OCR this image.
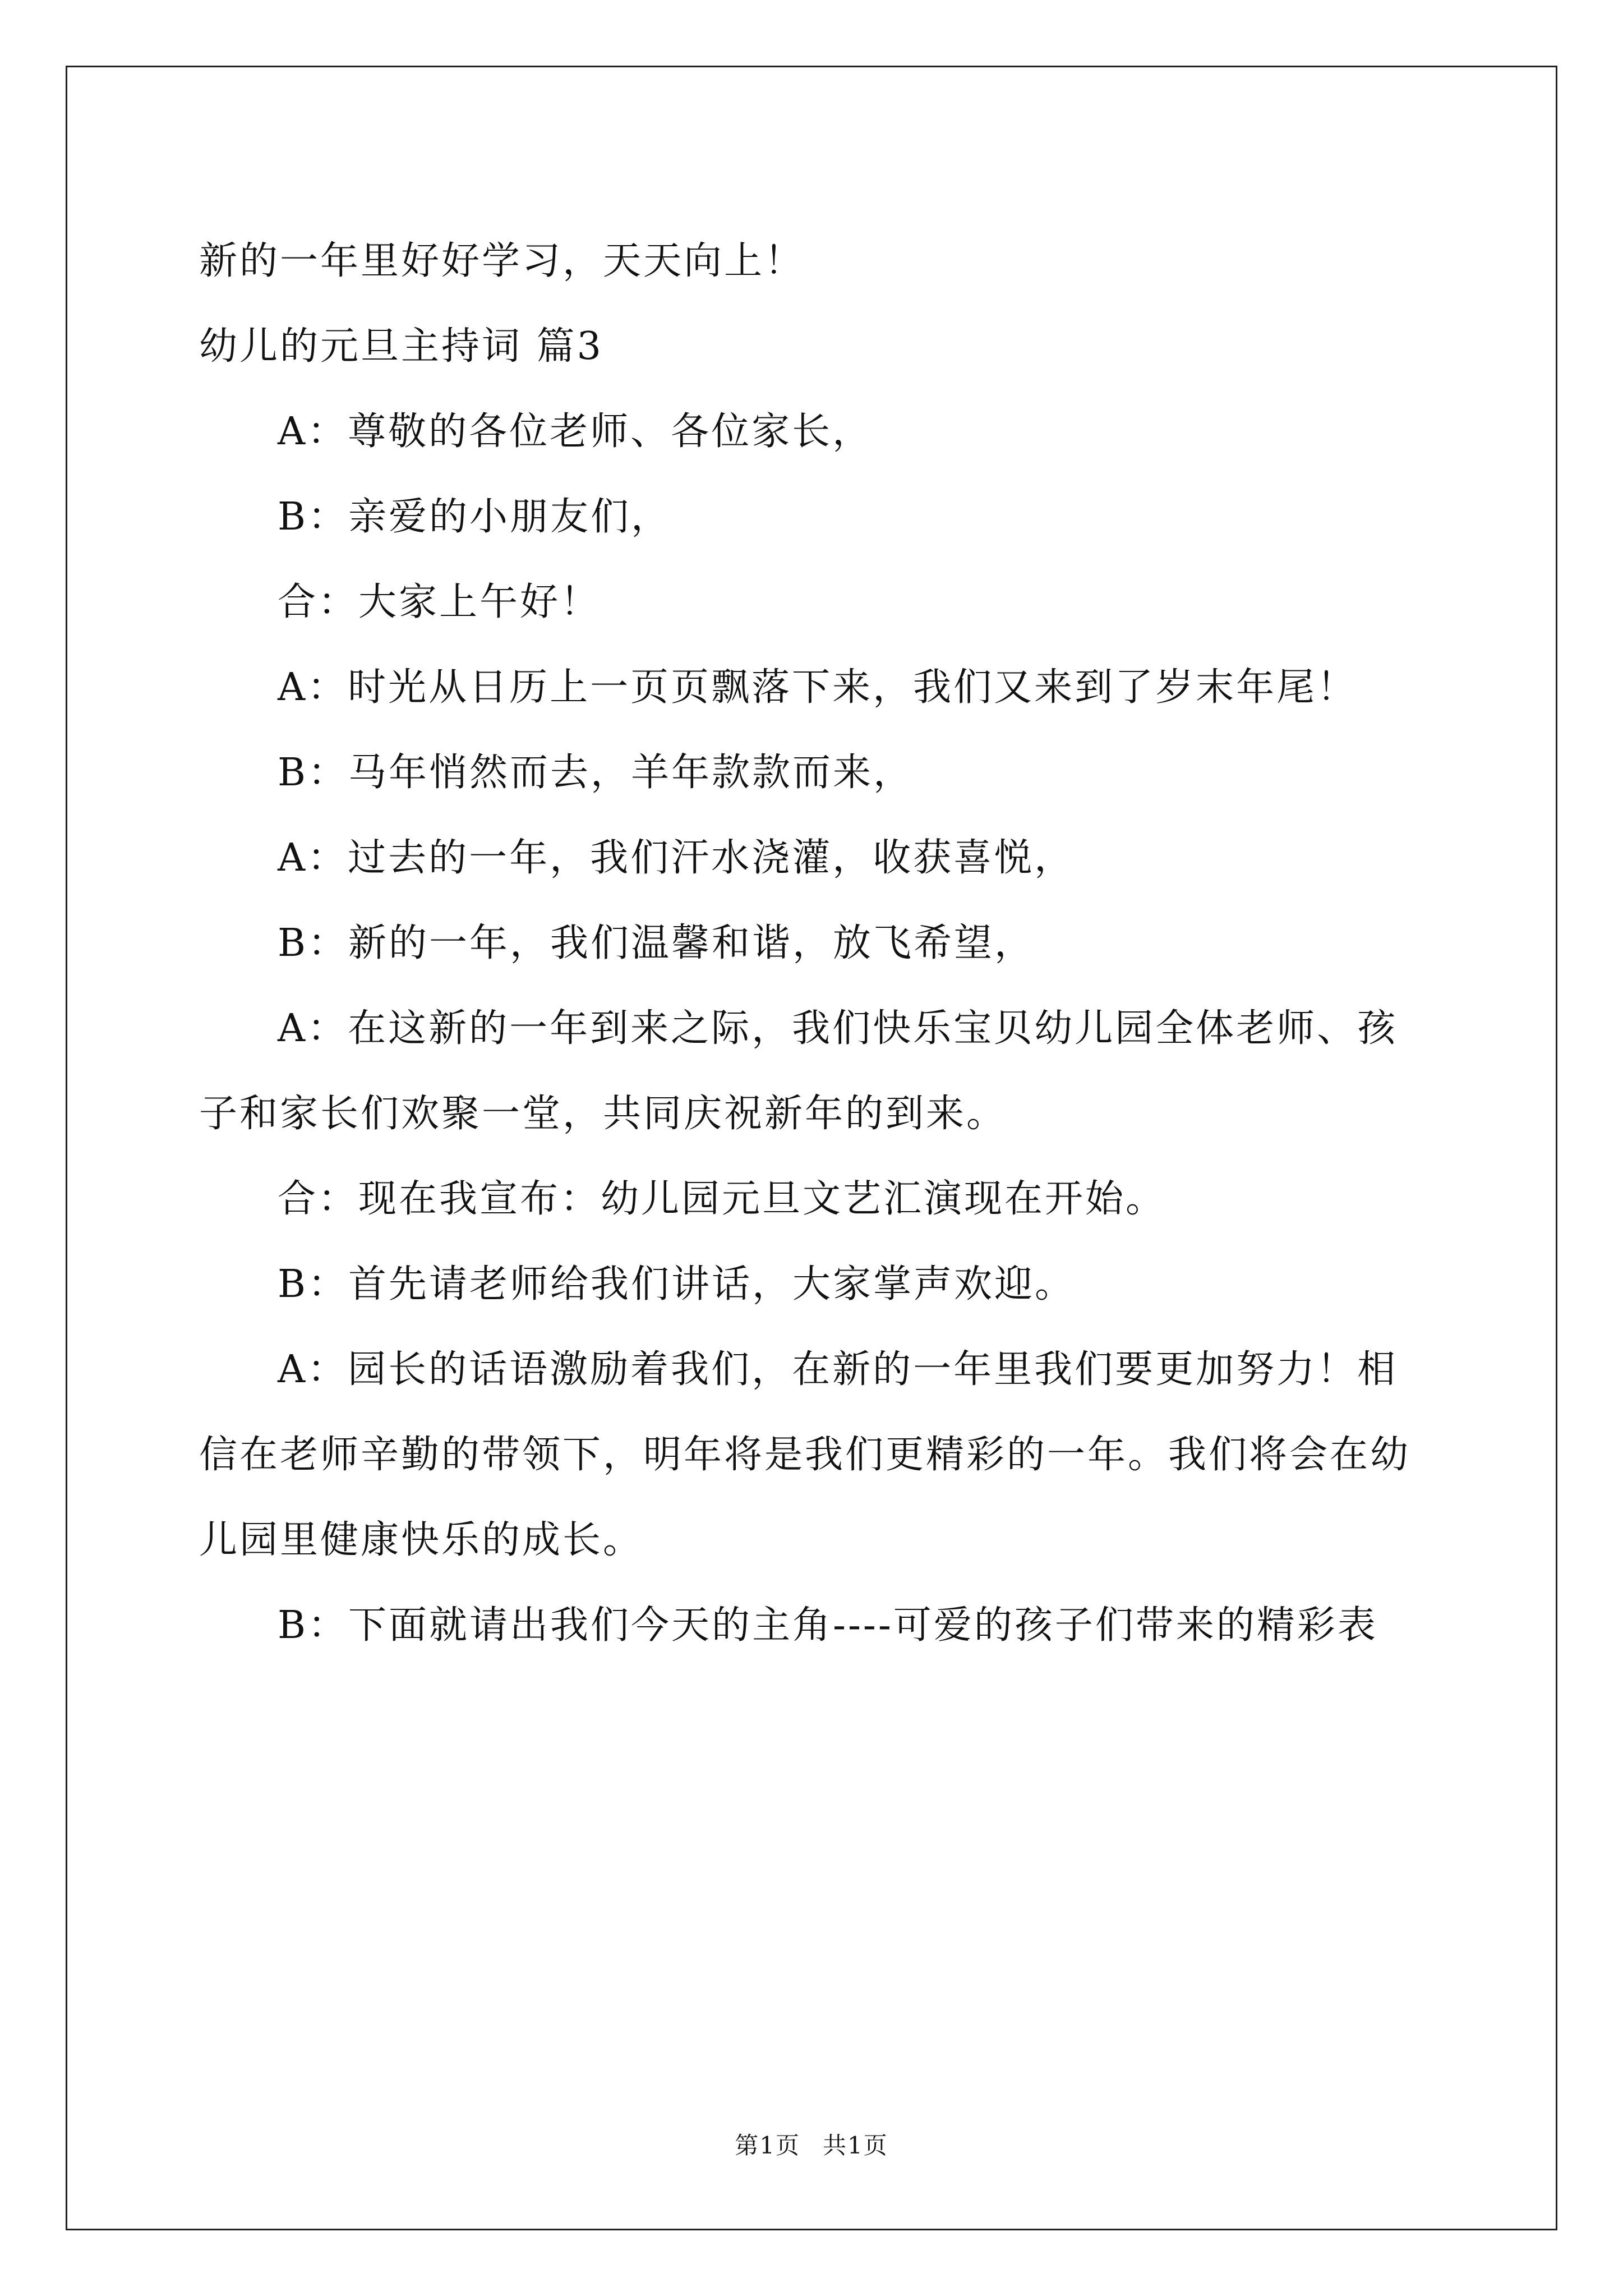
新的一年里好好学习，天天向上！

幼儿的元旦主持词 篇3

A：尊敬的各位老师、各位家长，

B：亲爱的小朋友们，

合：大家上午好！

A：时光从日历上一页页飘落下来，我们又来到了岁末年尾！

B：马年悄然而去，羊年款款而来，

A：过去的一年，我们汗水浇灌，收获喜悦，

B：新的一年，我们温馨和谐，放飞希望，

A：在这新的一年到来之际，我们快乐宝贝幼儿园全体老师、孩子和家长们欢聚一堂，共同庆祝新年的到来。

合：现在我宣布：幼儿园元旦文艺汇演现在开始。

B：首先请老师给我们讲话，大家掌声欢迎。

A：园长的话语激励着我们，在新的一年里我们要更加努力！相信在老师辛勤的带领下，明年将是我们更精彩的一年。我们将会在幼儿园里健康快乐的成长。

B：下面就请出我们今天的主角----可爱的孩子们带来的精彩表

第1页 共1页
